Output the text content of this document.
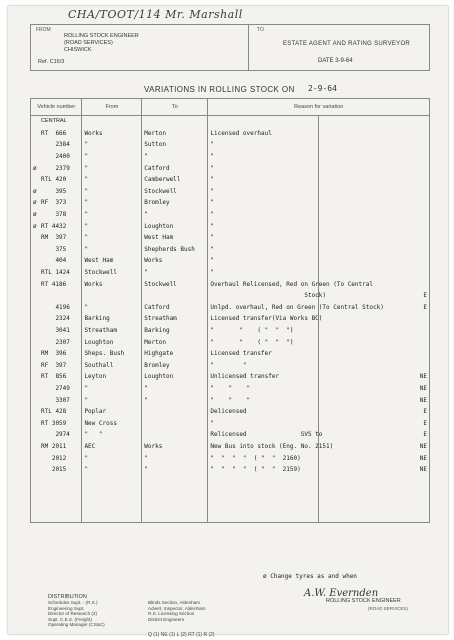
CHA/TOOT/114 Mr. Marshall
FROM
ROLLING STOCK ENGINEER
(ROAD SERVICES)
CHISWICK
Ref. C16/3
TO
ESTATE AGENT AND RATING SURVEYOR
DATE 3-9-64
VARIATIONS IN ROLLING STOCK ON 2-9-64
Vehicle number	From	To	Reason for variation	
CENTRAL				
RT  666	Works	Merton	Licensed overhaul	
2384	"	Sutton	"	
2400	"	"	"	
ø    2379	"	Catford	"	
RTL 420	"	Camberwell	"	
ø    395	"	Stockwell	"	
ø RF  373	"	Bromley	"	
ø    378	"	"	"	
ø RT 4432	"	Loughton	"	
RM  397	"	West Ham	"	
375	"	Shepherds Bush	"	
404	West Ham	Works	"	
RTL 1424	Stockwell	"	"	
RT 4186	Works	Stockwell	Overhaul Relicensed, Red on Green (To Central	
			Stock)	E
4196	"	Catford	Unlpd. overhaul, Red on Green (To Central Stock)	E
2324	Barking	Streatham	Licensed transfer(Via Works BC)	
3041	Streatham	Barking	"       "    ( "  "  ")	
2307	Loughton	Merton	"       "    ( "  "  ")	
RM  396	Sheps. Bush	Highgate	Licensed transfer	
RF  397	Southall	Bromley	"        "	
RT  856	Leyton	Loughton	Unlicensed transfer	NE
2749	"	"	"    "    "	NE
3307	"	"	"    "    "	NE
RTL 428	Poplar		Delicensed	E
RT 3059	New Cross		"	E
2974	"   "		Relicensed               SVS to	E
RM 2011	AEC	Works	New Bus into stock (Eng. No. 2151)	NE
2012	"	"	"  "  "  "  ( "  "  2160)	NE
2015	"	"	"  "  "  "  ( "  "  2159)	NE

ø Change tyres as and when
DISTRIBUTION
Schedules Supt. - (R.S.)
Engineering Supt.
Director of Research (2)
Supt. C.E.S. (Freight)
Operating Manager (CS&C)
Blinds Section, Aldenham
Advert. Inspector, Aldenham
R.S. Licensing Section
District Engineers
Q (1) NE (1) L (2) RT (1) R (2)
A.W. Evernden
ROLLING STOCK ENGINEER
(ROAD SERVICES)
